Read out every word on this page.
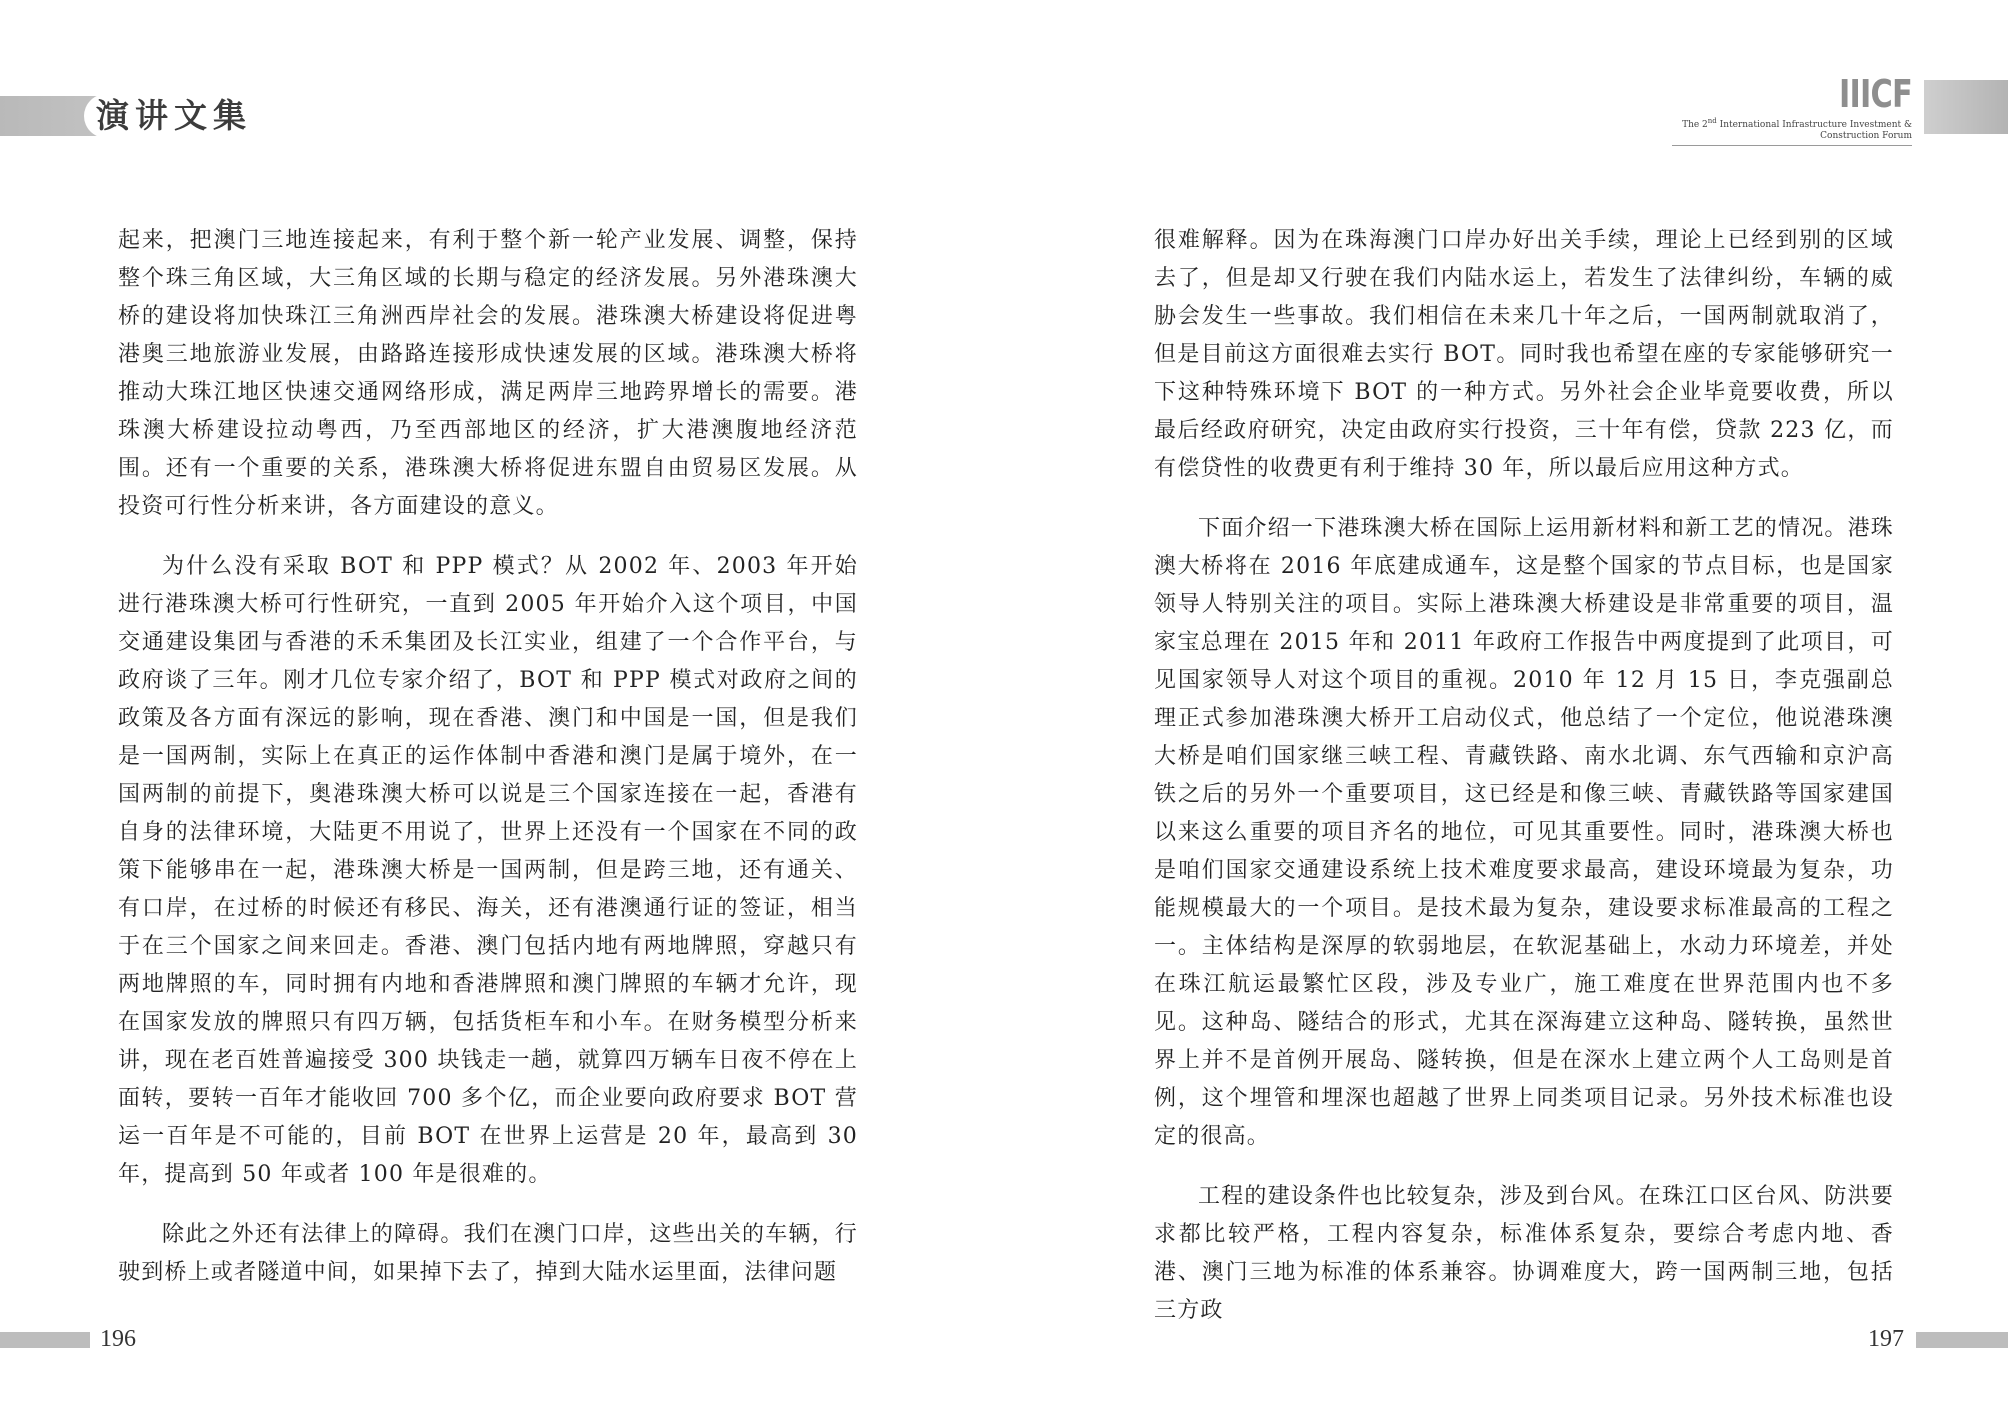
演讲文集

起来，把澳门三地连接起来，有利于整个新一轮产业发展、调整，保持整个珠三角区域，大三角区域的长期与稳定的经济发展。另外港珠澳大桥的建设将加快珠江三角洲西岸社会的发展。港珠澳大桥建设将促进粤港奥三地旅游业发展，由路路连接形成快速发展的区域。港珠澳大桥将推动大珠江地区快速交通网络形成，满足两岸三地跨界增长的需要。港珠澳大桥建设拉动粤西，乃至西部地区的经济，扩大港澳腹地经济范围。还有一个重要的关系，港珠澳大桥将促进东盟自由贸易区发展。从投资可行性分析来讲，各方面建设的意义。

为什么没有采取 BOT 和 PPP 模式？从 2002 年、2003 年开始进行港珠澳大桥可行性研究，一直到 2005 年开始介入这个项目，中国交通建设集团与香港的禾禾集团及长江实业，组建了一个合作平台，与政府谈了三年。刚才几位专家介绍了，BOT 和 PPP 模式对政府之间的政策及各方面有深远的影响，现在香港、澳门和中国是一国，但是我们是一国两制，实际上在真正的运作体制中香港和澳门是属于境外，在一国两制的前提下，奥港珠澳大桥可以说是三个国家连接在一起，香港有自身的法律环境，大陆更不用说了，世界上还没有一个国家在不同的政策下能够串在一起，港珠澳大桥是一国两制，但是跨三地，还有通关、有口岸，在过桥的时候还有移民、海关，还有港澳通行证的签证，相当于在三个国家之间来回走。香港、澳门包括内地有两地牌照，穿越只有两地牌照的车，同时拥有内地和香港牌照和澳门牌照的车辆才允许，现在国家发放的牌照只有四万辆，包括货柜车和小车。在财务模型分析来讲，现在老百姓普遍接受 300 块钱走一趟，就算四万辆车日夜不停在上面转，要转一百年才能收回 700 多个亿，而企业要向政府要求 BOT 营运一百年是不可能的，目前 BOT 在世界上运营是 20 年，最高到 30 年，提高到 50 年或者 100 年是很难的。

除此之外还有法律上的障碍。我们在澳门口岸，这些出关的车辆，行驶到桥上或者隧道中间，如果掉下去了，掉到大陆水运里面，法律问题

196
IIICF
The 2nd International Infrastructure Investment &
Construction Forum

很难解释。因为在珠海澳门口岸办好出关手续，理论上已经到别的区域去了，但是却又行驶在我们内陆水运上，若发生了法律纠纷，车辆的威胁会发生一些事故。我们相信在未来几十年之后，一国两制就取消了，但是目前这方面很难去实行 BOT。同时我也希望在座的专家能够研究一下这种特殊环境下 BOT 的一种方式。另外社会企业毕竟要收费，所以最后经政府研究，决定由政府实行投资，三十年有偿，贷款 223 亿，而有偿贷性的收费更有利于维持 30 年，所以最后应用这种方式。

下面介绍一下港珠澳大桥在国际上运用新材料和新工艺的情况。港珠澳大桥将在 2016 年底建成通车，这是整个国家的节点目标，也是国家领导人特别关注的项目。实际上港珠澳大桥建设是非常重要的项目，温家宝总理在 2015 年和 2011 年政府工作报告中两度提到了此项目，可见国家领导人对这个项目的重视。2010 年 12 月 15 日，李克强副总理正式参加港珠澳大桥开工启动仪式，他总结了一个定位，他说港珠澳大桥是咱们国家继三峡工程、青藏铁路、南水北调、东气西输和京沪高铁之后的另外一个重要项目，这已经是和像三峡、青藏铁路等国家建国以来这么重要的项目齐名的地位，可见其重要性。同时，港珠澳大桥也是咱们国家交通建设系统上技术难度要求最高，建设环境最为复杂，功能规模最大的一个项目。是技术最为复杂，建设要求标准最高的工程之一。主体结构是深厚的软弱地层，在软泥基础上，水动力环境差，并处在珠江航运最繁忙区段，涉及专业广，施工难度在世界范围内也不多见。这种岛、隧结合的形式，尤其在深海建立这种岛、隧转换，虽然世界上并不是首例开展岛、隧转换，但是在深水上建立两个人工岛则是首例，这个埋管和埋深也超越了世界上同类项目记录。另外技术标准也设定的很高。

工程的建设条件也比较复杂，涉及到台风。在珠江口区台风、防洪要求都比较严格，工程内容复杂，标准体系复杂，要综合考虑内地、香港、澳门三地为标准的体系兼容。协调难度大，跨一国两制三地，包括三方政

197
